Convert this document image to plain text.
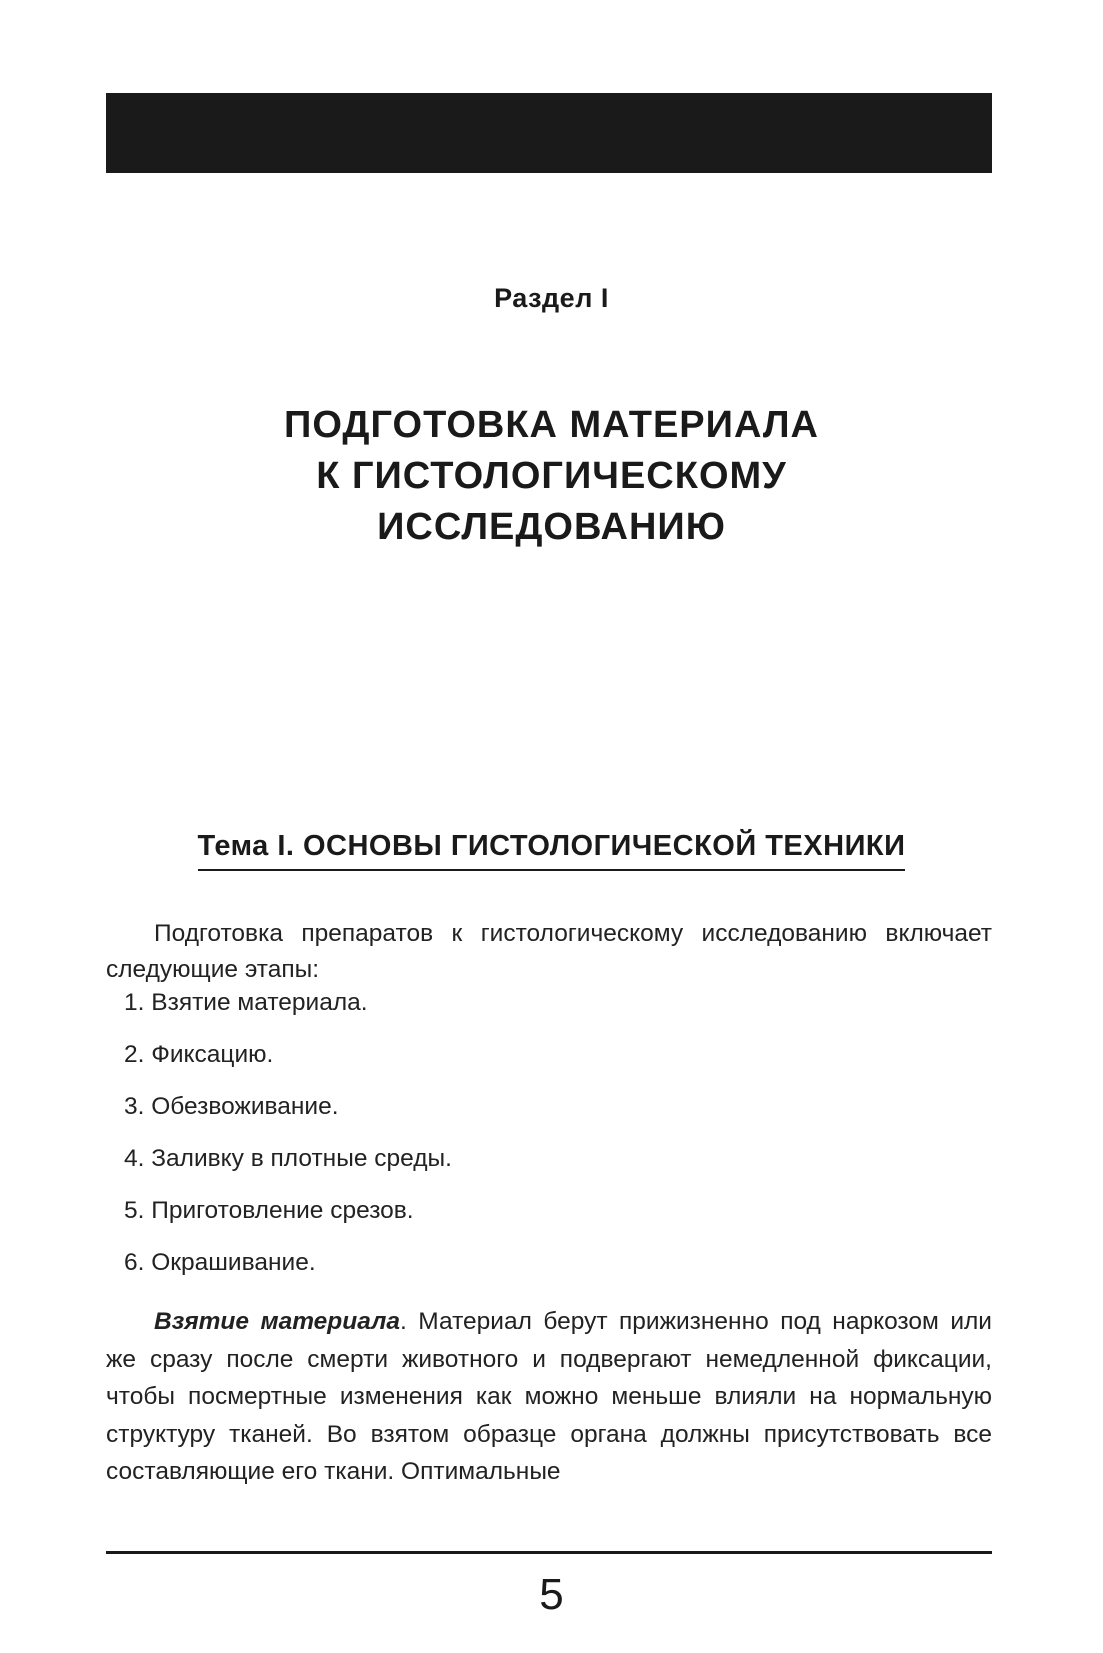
Раздел I
ПОДГОТОВКА МАТЕРИАЛА
К ГИСТОЛОГИЧЕСКОМУ
ИССЛЕДОВАНИЮ
Тема I. ОСНОВЫ ГИСТОЛОГИЧЕСКОЙ ТЕХНИКИ

Подготовка препаратов к гистологическому исследованию включает следующие этапы:

1. Взятие материала.
2. Фиксацию.
3. Обезвоживание.
4. Заливку в плотные среды.
5. Приготовление срезов.
6. Окрашивание.

Взятие материала. Материал берут прижизненно под наркозом или же сразу после смерти животного и подвергают немедленной фиксации, чтобы посмертные изменения как можно меньше влияли на нормальную структуру тканей. Во взятом образце органа должны присутствовать все составляющие его ткани. Оптимальные

5
